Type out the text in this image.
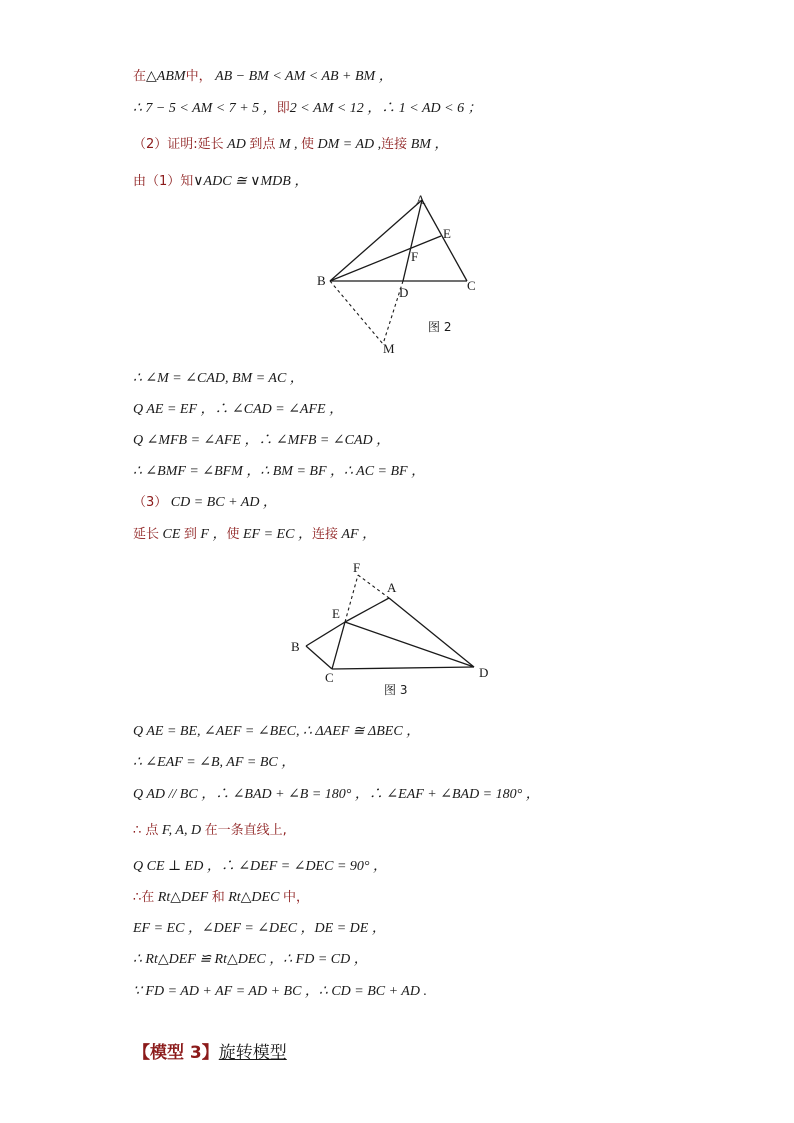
在△ABM中， AB − BM < AM < AB + BM ，
∴ 7 − 5 < AM < 7 + 5 ，即2 < AM < 12 ，∴ 1 < AD < 6 ；
（2）证明:延长 AD 到点 M , 使 DM = AD ,连接 BM ，
由（1）知∨ADC ≅ ∨MDB ，
∴ ∠M = ∠CAD, BM = AC ，
Q AE = EF ，∴ ∠CAD = ∠AFE ，
Q ∠MFB = ∠AFE ，∴ ∠MFB = ∠CAD ，
∴ ∠BMF = ∠BFM ，∴ BM = BF ，∴ AC = BF ，
（3） CD = BC + AD ，
延长 CE 到 F ，使 EF = EC ，连接 AF ，
Q AE = BE, ∠AEF = ∠BEC, ∴ ΔAEF ≅ ΔBEC ，
∴ ∠EAF = ∠B, AF = BC ，
Q AD // BC ，∴ ∠BAD + ∠B = 180° ，∴ ∠EAF + ∠BAD = 180° ，
∴ 点 F, A, D 在一条直线上,
Q CE ⊥ ED ，∴ ∠DEF = ∠DEC = 90° ，
∴在 Rt△DEF 和 Rt△DEC 中，
EF = EC ，∠DEF = ∠DEC ，DE = DE ，
∴ Rt△DEF ≌ Rt△DEC ，∴ FD = CD ，
∵ FD = AD + AF = AD + BC ，∴ CD = BC + AD .
A
E
F
B
D	C
M
图 2
F
A
E
B
C	D
图 3
【模型 3】旋转模型
